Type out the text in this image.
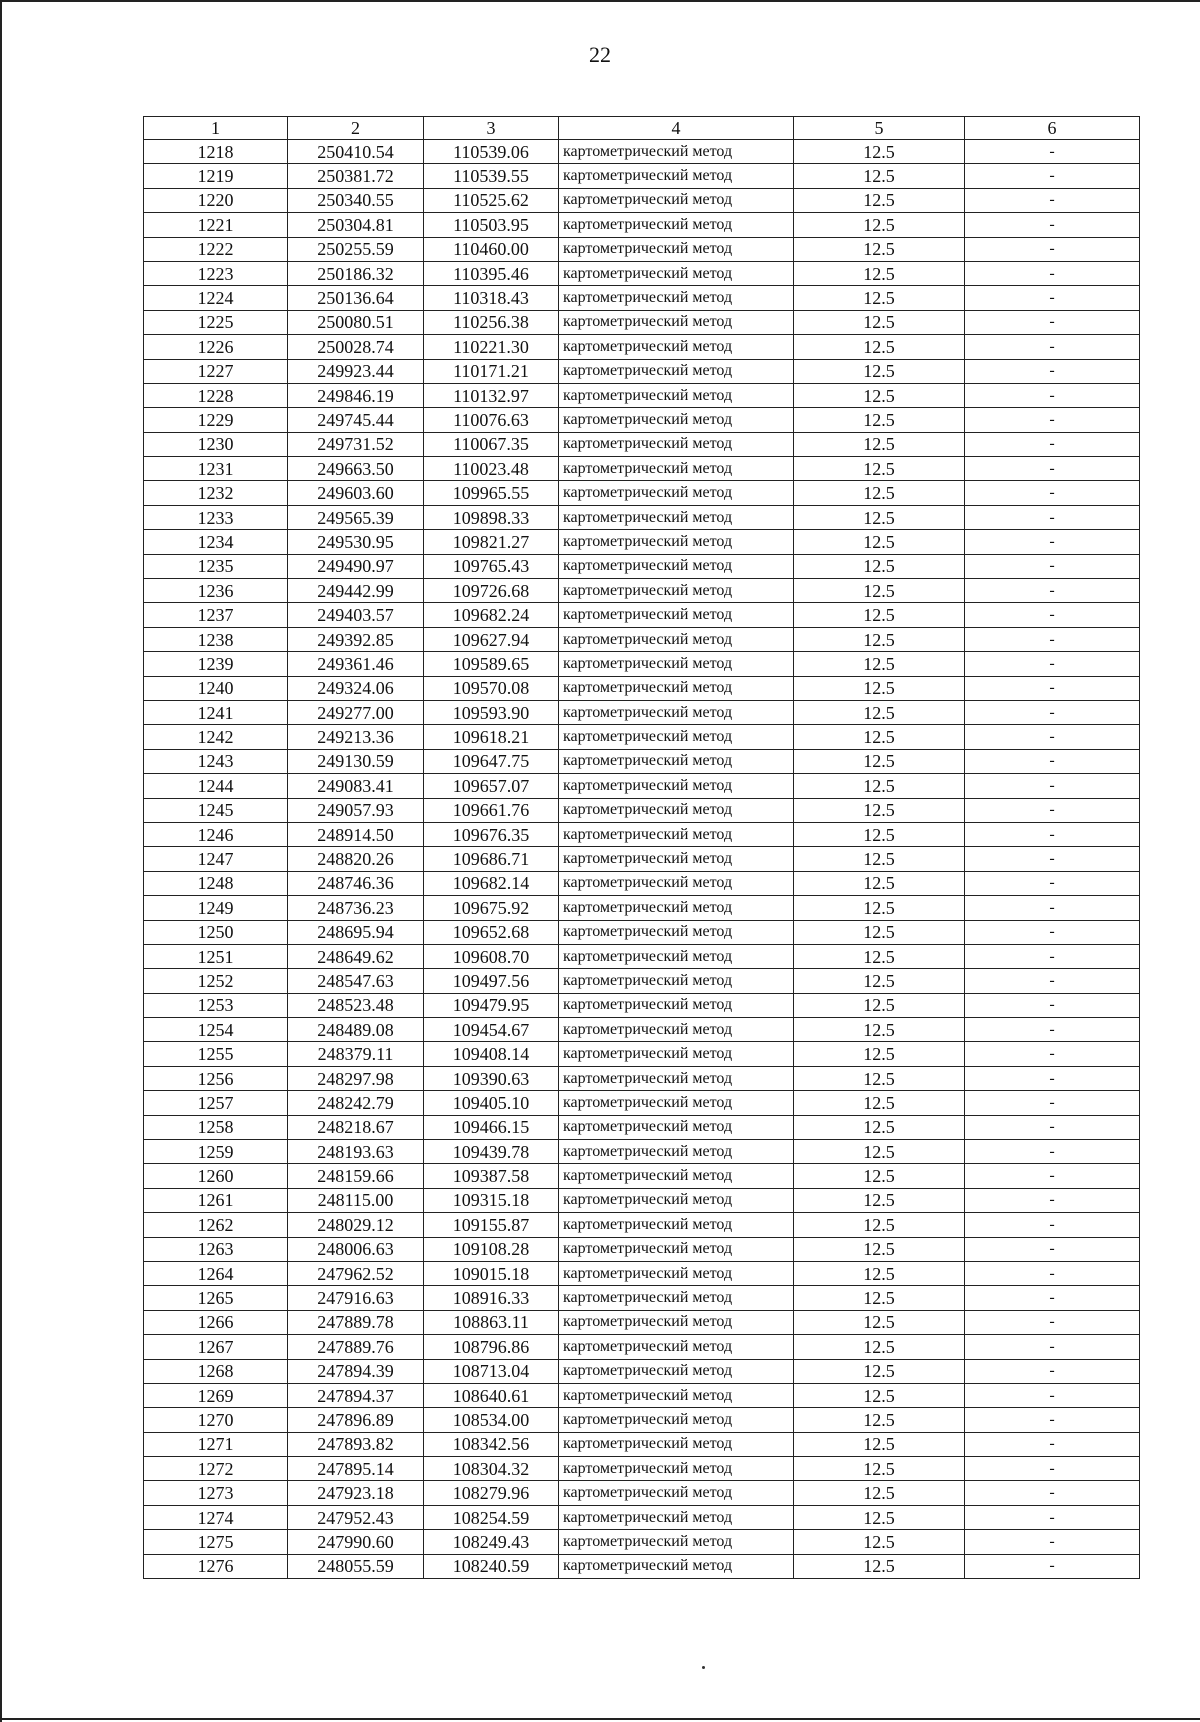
22
1	2	3	4	5	6
1218	250410.54	110539.06	картометрический метод	12.5	-
1219	250381.72	110539.55	картометрический метод	12.5	-
1220	250340.55	110525.62	картометрический метод	12.5	-
1221	250304.81	110503.95	картометрический метод	12.5	-
1222	250255.59	110460.00	картометрический метод	12.5	-
1223	250186.32	110395.46	картометрический метод	12.5	-
1224	250136.64	110318.43	картометрический метод	12.5	-
1225	250080.51	110256.38	картометрический метод	12.5	-
1226	250028.74	110221.30	картометрический метод	12.5	-
1227	249923.44	110171.21	картометрический метод	12.5	-
1228	249846.19	110132.97	картометрический метод	12.5	-
1229	249745.44	110076.63	картометрический метод	12.5	-
1230	249731.52	110067.35	картометрический метод	12.5	-
1231	249663.50	110023.48	картометрический метод	12.5	-
1232	249603.60	109965.55	картометрический метод	12.5	-
1233	249565.39	109898.33	картометрический метод	12.5	-
1234	249530.95	109821.27	картометрический метод	12.5	-
1235	249490.97	109765.43	картометрический метод	12.5	-
1236	249442.99	109726.68	картометрический метод	12.5	-
1237	249403.57	109682.24	картометрический метод	12.5	-
1238	249392.85	109627.94	картометрический метод	12.5	-
1239	249361.46	109589.65	картометрический метод	12.5	-
1240	249324.06	109570.08	картометрический метод	12.5	-
1241	249277.00	109593.90	картометрический метод	12.5	-
1242	249213.36	109618.21	картометрический метод	12.5	-
1243	249130.59	109647.75	картометрический метод	12.5	-
1244	249083.41	109657.07	картометрический метод	12.5	-
1245	249057.93	109661.76	картометрический метод	12.5	-
1246	248914.50	109676.35	картометрический метод	12.5	-
1247	248820.26	109686.71	картометрический метод	12.5	-
1248	248746.36	109682.14	картометрический метод	12.5	-
1249	248736.23	109675.92	картометрический метод	12.5	-
1250	248695.94	109652.68	картометрический метод	12.5	-
1251	248649.62	109608.70	картометрический метод	12.5	-
1252	248547.63	109497.56	картометрический метод	12.5	-
1253	248523.48	109479.95	картометрический метод	12.5	-
1254	248489.08	109454.67	картометрический метод	12.5	-
1255	248379.11	109408.14	картометрический метод	12.5	-
1256	248297.98	109390.63	картометрический метод	12.5	-
1257	248242.79	109405.10	картометрический метод	12.5	-
1258	248218.67	109466.15	картометрический метод	12.5	-
1259	248193.63	109439.78	картометрический метод	12.5	-
1260	248159.66	109387.58	картометрический метод	12.5	-
1261	248115.00	109315.18	картометрический метод	12.5	-
1262	248029.12	109155.87	картометрический метод	12.5	-
1263	248006.63	109108.28	картометрический метод	12.5	-
1264	247962.52	109015.18	картометрический метод	12.5	-
1265	247916.63	108916.33	картометрический метод	12.5	-
1266	247889.78	108863.11	картометрический метод	12.5	-
1267	247889.76	108796.86	картометрический метод	12.5	-
1268	247894.39	108713.04	картометрический метод	12.5	-
1269	247894.37	108640.61	картометрический метод	12.5	-
1270	247896.89	108534.00	картометрический метод	12.5	-
1271	247893.82	108342.56	картометрический метод	12.5	-
1272	247895.14	108304.32	картометрический метод	12.5	-
1273	247923.18	108279.96	картометрический метод	12.5	-
1274	247952.43	108254.59	картометрический метод	12.5	-
1275	247990.60	108249.43	картометрический метод	12.5	-
1276	248055.59	108240.59	картометрический метод	12.5	-
